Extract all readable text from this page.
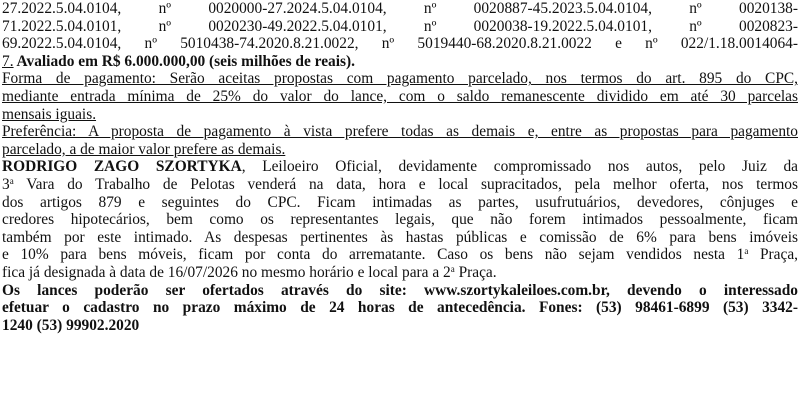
27.2022.5.04.0104, nº 0020000-27.2024.5.04.0104, nº 0020887-45.2023.5.04.0104, nº 0020138-
71.2022.5.04.0101, nº 0020230-49.2022.5.04.0101, nº 0020038-19.2022.5.04.0101, nº 0020823-
69.2022.5.04.0104, nº 5010438-74.2020.8.21.0022, nº 5019440-68.2020.8.21.0022 e nº 022/1.18.0014064-
7. Avaliado em R$ 6.000.000,00 (seis milhões de reais).
Forma de pagamento: Serão aceitas propostas com pagamento parcelado, nos termos do art. 895 do CPC,
mediante entrada mínima de 25% do valor do lance, com o saldo remanescente dividido em até 30 parcelas
mensais iguais.
Preferência: A proposta de pagamento à vista prefere todas as demais e, entre as propostas para pagamento
parcelado, a de maior valor prefere as demais.
RODRIGO ZAGO SZORTYKA, Leiloeiro Oficial, devidamente compromissado nos autos, pelo Juiz da
3$^a$ Vara do Trabalho de Pelotas venderá na data, hora e local supracitados, pela melhor oferta, nos termos
dos artigos 879 e seguintes do CPC. Ficam intimadas as partes, usufrutuários, devedores, cônjuges e
credores hipotecários, bem como os representantes legais, que não forem intimados pessoalmente, ficam
também por este intimado. As despesas pertinentes às hastas públicas e comissão de 6% para bens imóveis
e 10% para bens móveis, ficam por conta do arrematante. Caso os bens não sejam vendidos nesta 1$^a$ Praça,
fica já designada à data de 16/07/2026 no mesmo horário e local para a 2$^a$ Praça.
Os lances poderão ser ofertados através do site: www.szortykaleiloes.com.br, devendo o interessado
efetuar o cadastro no prazo máximo de 24 horas de antecedência. Fones: (53) 98461-6899 (53) 3342-
1240 (53) 99902.2020
